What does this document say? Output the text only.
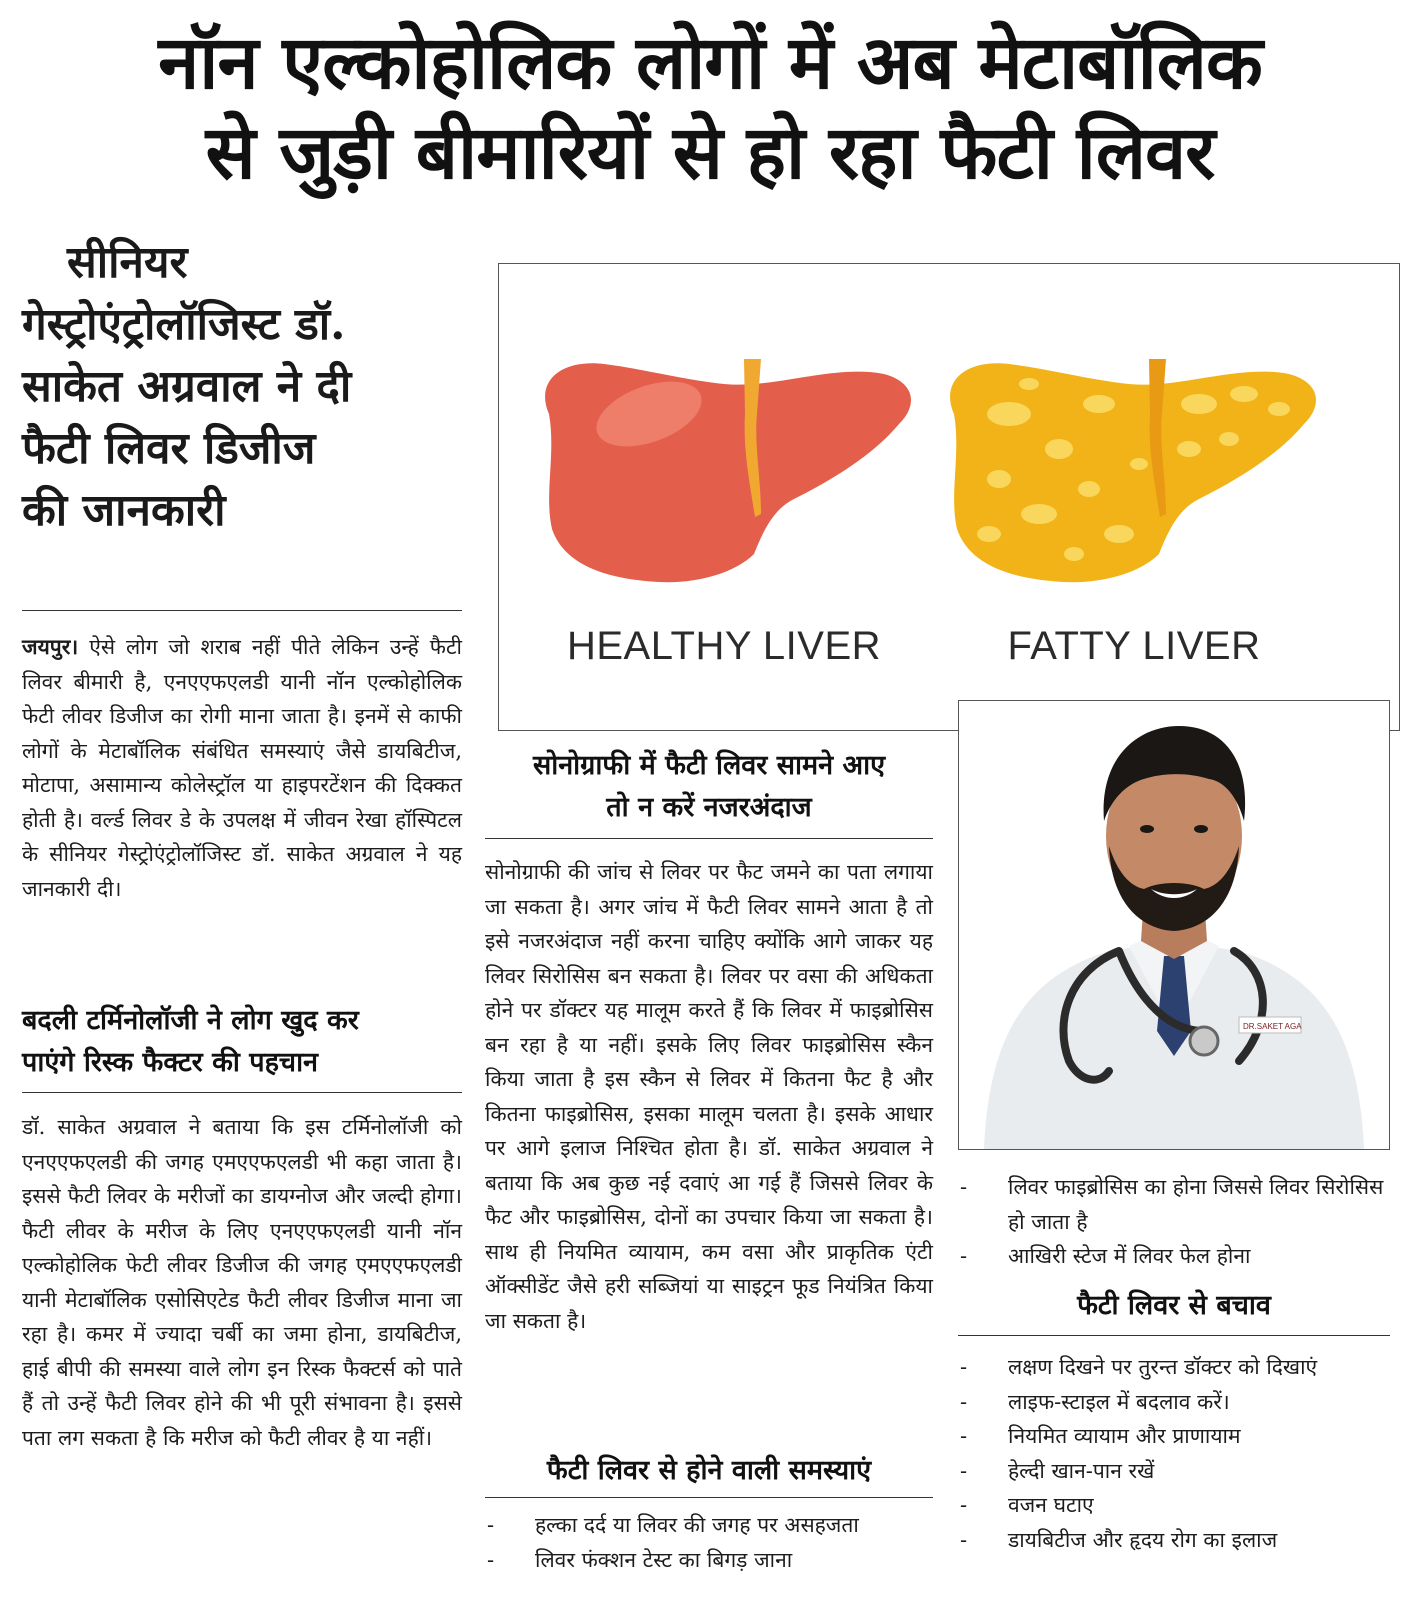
नॉन एल्कोहोलिक लोगों में अब मेटाबॉलिक
से जुड़ी बीमारियों से हो रहा फैटी लिवर
सीनियर
गेस्ट्रोएंट्रोलॉजिस्ट डॉ.
साकेत अग्रवाल ने दी
फैटी लिवर डिजीज
की जानकारी
जयपुर। ऐसे लोग जो शराब नहीं पीते लेकिन उन्हें फैटी लिवर बीमारी है, एनएएफएलडी यानी नॉन एल्कोहोलिक फेटी लीवर डिजीज का रोगी माना जाता है। इनमें से काफी लोगों के मेटाबॉलिक संबंधित समस्याएं जैसे डायबिटीज, मोटापा, असामान्य कोलेस्ट्रॉल या हाइपरटेंशन की दिक्कत होती है। वर्ल्ड लिवर डे के उपलक्ष में जीवन रेखा हॉस्पिटल के सीनियर गेस्ट्रोएंट्रोलॉजिस्ट डॉ. साकेत अग्रवाल ने यह जानकारी दी।
बदली टर्मिनोलॉजी ने लोग खुद कर
पाएंगे रिस्क फैक्टर की पहचान
डॉ. साकेत अग्रवाल ने बताया कि इस टर्मिनोलॉजी को एनएएफएलडी की जगह एमएएफएलडी भी कहा जाता है। इससे फैटी लिवर के मरीजों का डायग्नोज और जल्दी होगा। फैटी लीवर के मरीज के लिए एनएएफएलडी यानी नॉन एल्कोहोलिक फेटी लीवर डिजीज की जगह एमएएफएलडी यानी मेटाबॉलिक एसोसिएटेड फैटी लीवर डिजीज माना जा रहा है। कमर में ज्यादा चर्बी का जमा होना, डायबिटीज, हाई बीपी की समस्या वाले लोग इन रिस्क फैक्टर्स को पाते हैं तो उन्हें फैटी लिवर होने की भी पूरी संभावना है। इससे पता लग सकता है कि मरीज को फैटी लीवर है या नहीं।
HEALTHY LIVER	FATTY LIVER
DR.SAKET AGA
सोनोग्राफी में फैटी लिवर सामने आए
तो न करें नजरअंदाज
सोनोग्राफी की जांच से लिवर पर फैट जमने का पता लगाया जा सकता है। अगर जांच में फैटी लिवर सामने आता है तो इसे नजरअंदाज नहीं करना चाहिए क्योंकि आगे जाकर यह लिवर सिरोसिस बन सकता है। लिवर पर वसा की अधिकता होने पर डॉक्टर यह मालूम करते हैं कि लिवर में फाइब्रोसिस बन रहा है या नहीं। इसके लिए लिवर फाइब्रोसिस स्कैन किया जाता है इस स्कैन से लिवर में कितना फैट है और कितना फाइब्रोसिस, इसका मालूम चलता है। इसके आधार पर आगे इलाज निश्चित होता है। डॉ. साकेत अग्रवाल ने बताया कि अब कुछ नई दवाएं आ गई हैं जिससे लिवर के फैट और फाइब्रोसिस, दोनों का उपचार किया जा सकता है। साथ ही नियमित व्यायाम, कम वसा और प्राकृतिक एंटी ऑक्सीडेंट जैसे हरी सब्जियां या साइट्रन फूड नियंत्रित किया जा सकता है।
फैटी लिवर से होने वाली समस्याएं
- हल्का दर्द या लिवर की जगह पर असहजता
- लिवर फंक्शन टेस्ट का बिगड़ जाना
- लिवर फाइब्रोसिस का होना जिससे लिवर सिरोसिस हो जाता है
- आखिरी स्टेज में लिवर फेल होना
फैटी लिवर से बचाव
- लक्षण दिखने पर तुरन्त डॉक्टर को दिखाएं
- लाइफ-स्टाइल में बदलाव करें।
- नियमित व्यायाम और प्राणायाम
- हेल्दी खान-पान रखें
- वजन घटाए
- डायबिटीज और हृदय रोग का इलाज
